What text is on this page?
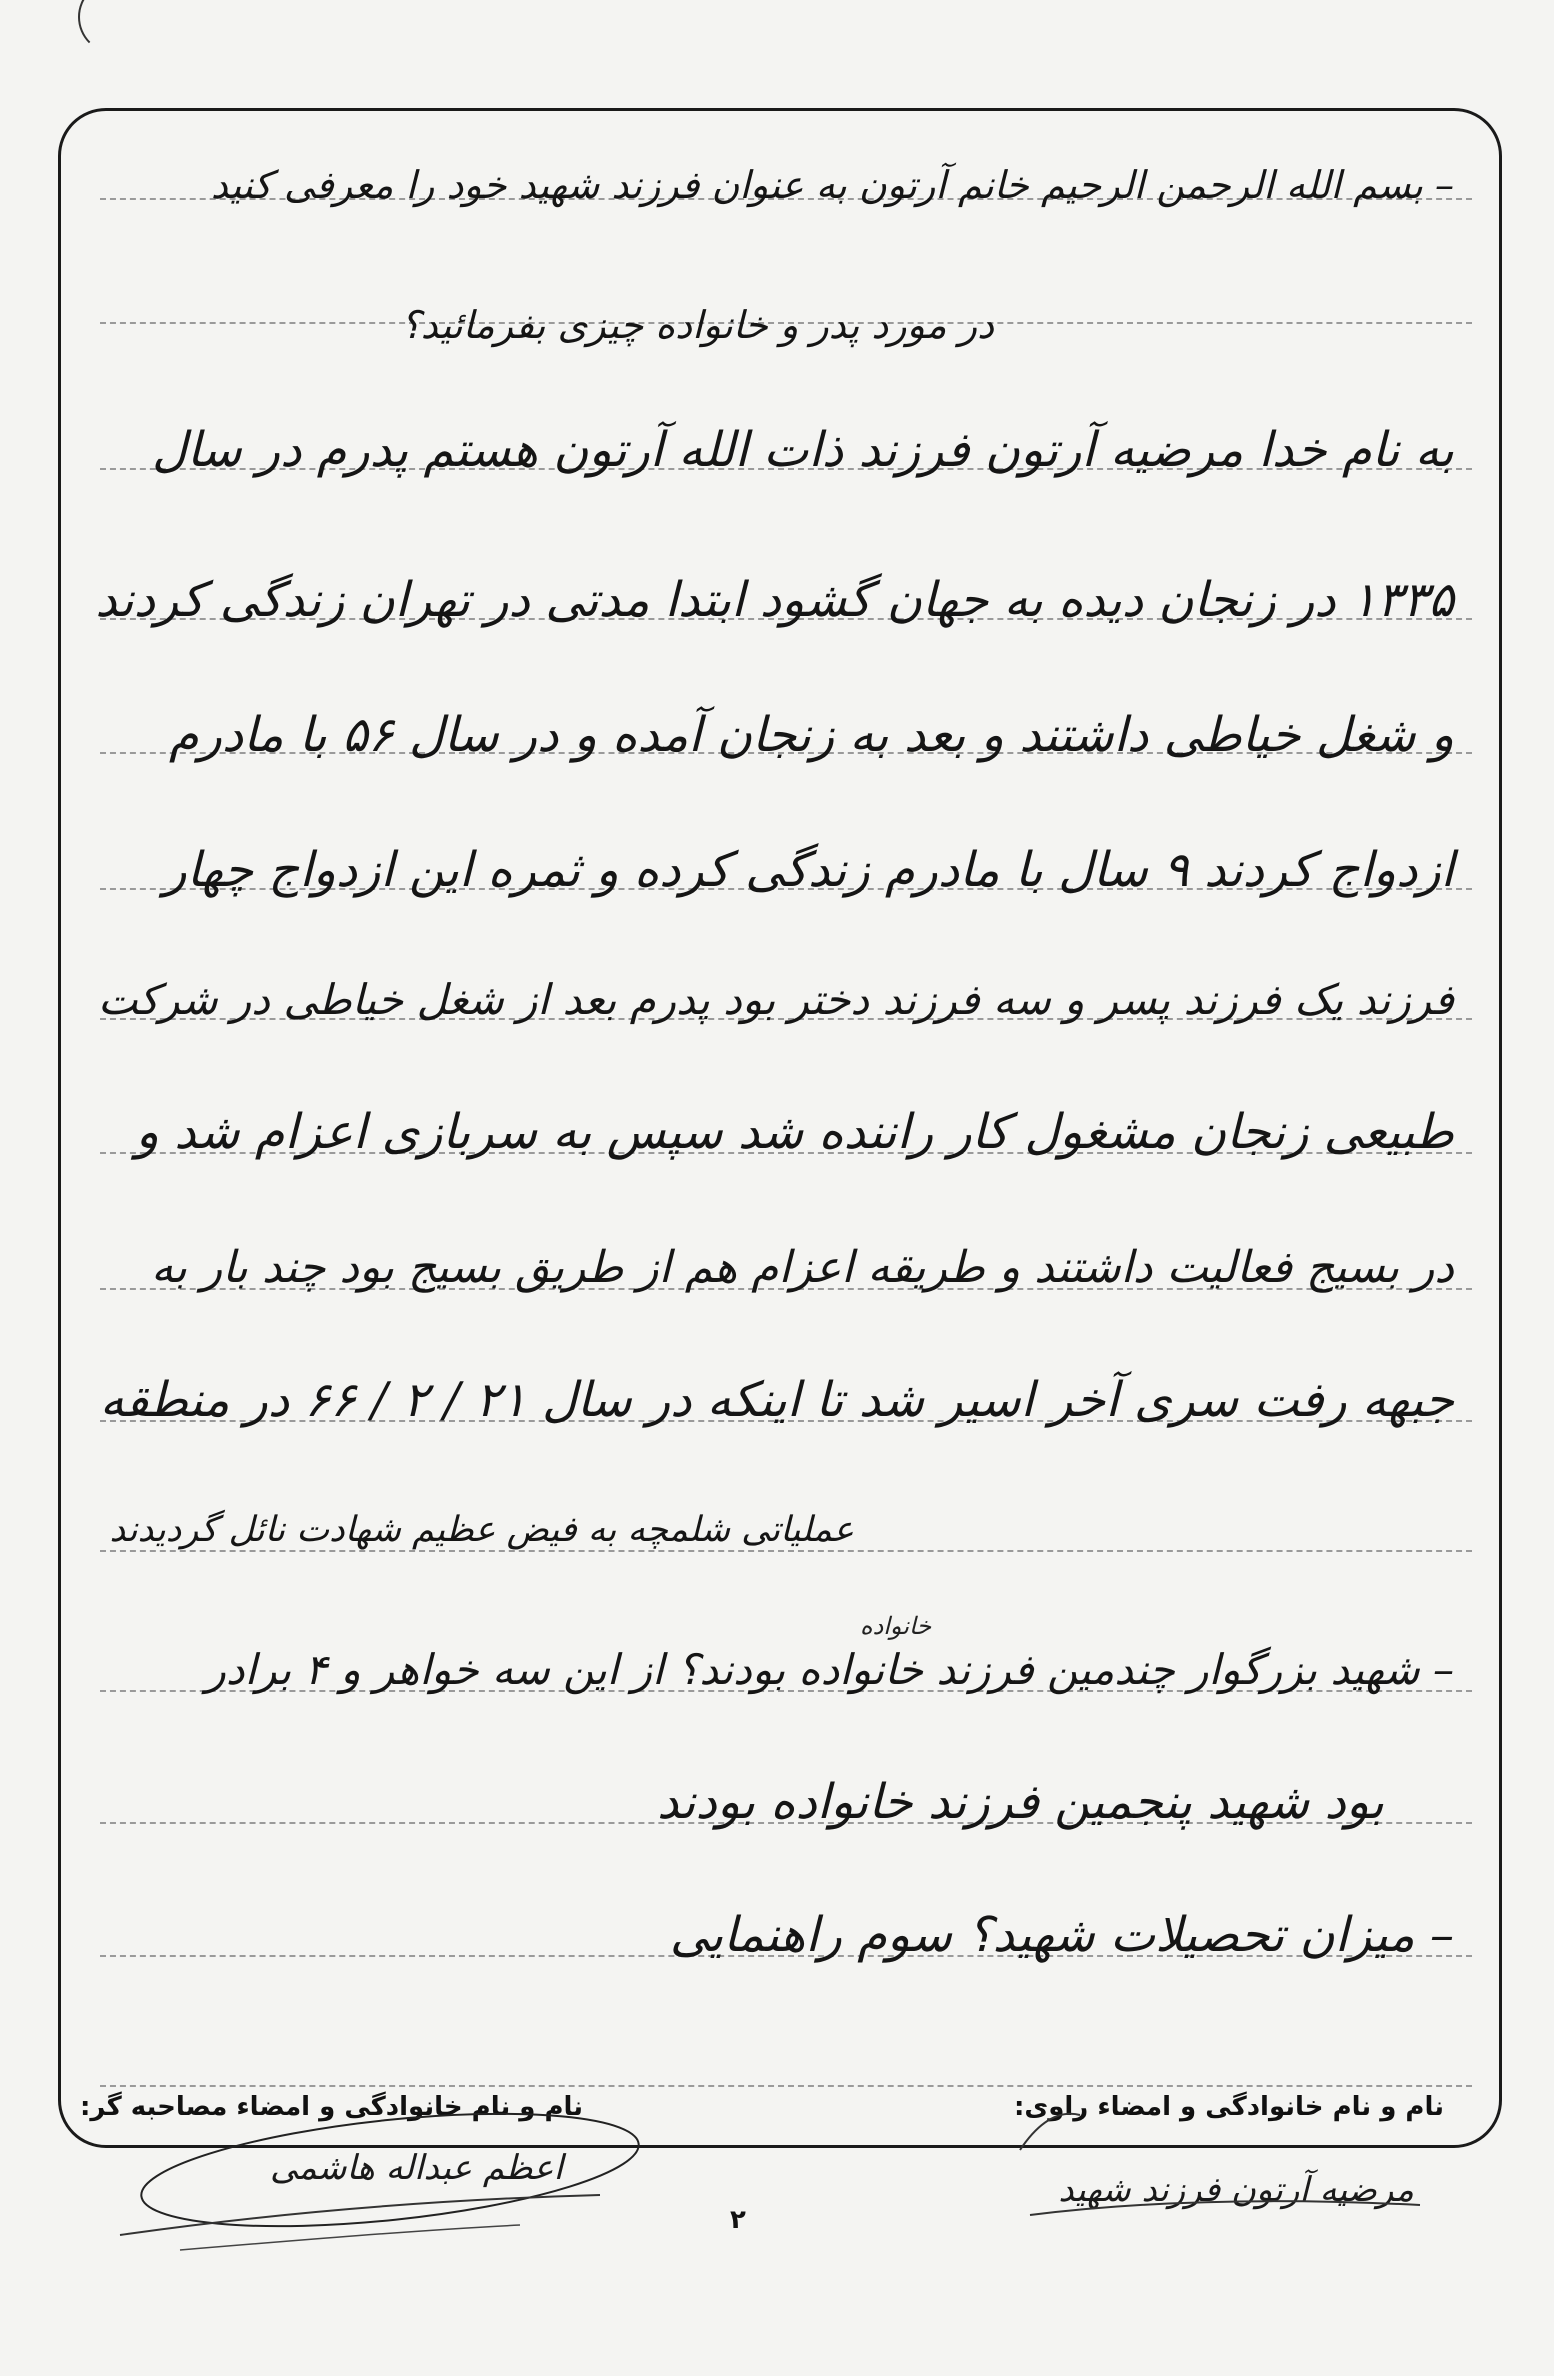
– بسم الله الرحمن الرحیم خانم آرتون به عنوان فرزند شهید خود را معرفی کنید
در مورد پدر و خانواده چیزی بفرمائید؟
به نام خدا مرضیه آرتون فرزند ذات الله آرتون هستم پدرم در سال
۱۳۳۵ در زنجان دیده به جهان گشود ابتدا مدتی در تهران زندگی کردند
و شغل خیاطی داشتند و بعد به زنجان آمده و در سال ۵۶ با مادرم
ازدواج کردند ۹ سال با مادرم زندگی کرده و ثمره این ازدواج چهار
فرزند یک فرزند پسر و سه فرزند دختر بود پدرم بعد از شغل خیاطی در شرکت
طبیعی زنجان مشغول کار راننده شد سپس به سربازی اعزام شد و
در بسیج فعالیت داشتند و طریقه اعزام هم از طریق بسیج بود چند بار به
جبهه رفت سری آخر اسیر شد تا اینکه در سال ۲۱ / ۲ / ۶۶ در منطقه
عملیاتی شلمچه به فیض عظیم شهادت نائل گردیدند
خانواده
– شهید بزرگوار چندمین فرزند خانواده بودند؟ از این سه خواهر و ۴ برادر
بود شهید پنجمین فرزند خانواده بودند
– میزان تحصیلات شهید؟ سوم راهنمایی
نام و نام خانوادگی و امضاء راوی:
مرضیه آرتون فرزند شهید
نام و نام خانوادگی و امضاء مصاحبه گر:
اعظم عبداله هاشمی
۲
